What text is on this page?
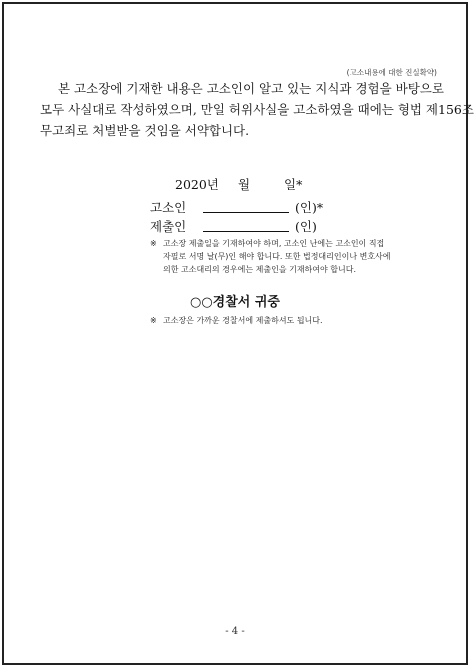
(고소내용에 대한 진실확약)
본 고소장에 기재한 내용은 고소인이 알고 있는 지식과 경험을 바탕으로
모두 사실대로 작성하였으며, 만일 허위사실을 고소하였을 때에는 형법 제156조
무고죄로 처벌받을 것임을 서약합니다.
2020년 월	일*
고소인	(인)*
제출인	(인)
※ 고소장 제출일을 기재하여야 하며, 고소인 난에는 고소인이 직접
자필로 서명 날(무)인 해야 합니다. 또한 법정대리인이나 변호사에
의한 고소대리의 경우에는 제출인을 기재하여야 합니다.
○○경찰서 귀중
※ 고소장은 가까운 경찰서에 제출하셔도 됩니다.
- 4 -
